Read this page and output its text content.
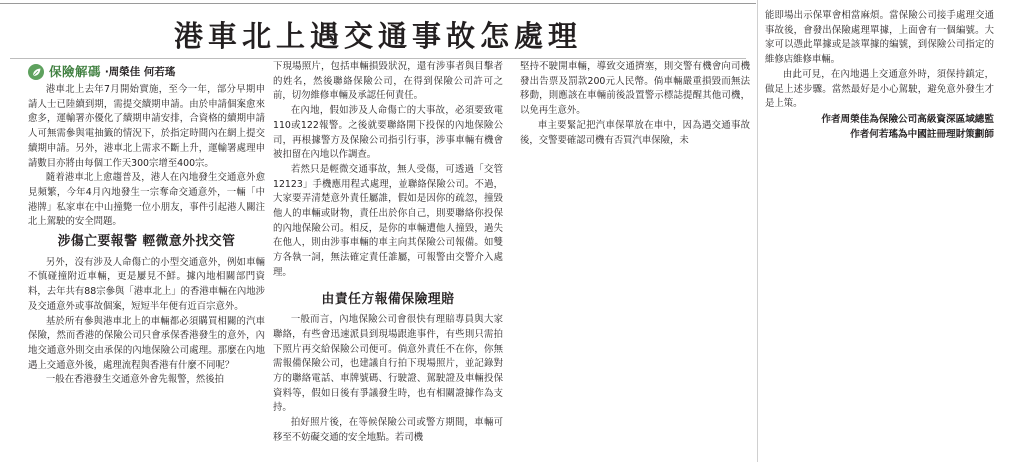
港車北上遇交通事故怎處理
保險解碼 ‧周榮佳 何若瑤

港車北上去年7月開始實施，至今一年，部分早期申請人士已陸續到期，需提交續期申請。由於申請個案愈來愈多，運輸署亦優化了續期申請安排，合資格的續期申請人可無需參與電抽籤的情況下，於指定時間內在網上提交續期申請。另外，港車北上需求不斷上升，運輸署處理申請數目亦將由每個工作天300宗增至400宗。

隨着港車北上愈趨普及，港人在內地發生交通意外愈見頻繁，今年4月內地發生一宗奪命交通意外，一輛「中港牌」私家車在中山撞斃一位小朋友，事件引起港人關注北上駕駛的安全問題。

涉傷亡要報警 輕微意外找交管

另外，沒有涉及人命傷亡的小型交通意外，例如車輛不慎碰撞附近車輛，更是屢見不鮮。據內地相關部門資料，去年共有88宗參與「港車北上」的香港車輛在內地涉及交通意外或事故個案，短短半年便有近百宗意外。

基於所有參與港車北上的車輛都必須購買相關的汽車保險，然而香港的保險公司只會承保香港發生的意外，內地交通意外則交由承保的內地保險公司處理。那麼在內地遇上交通意外後，處理流程與香港有什麼不同呢？

一般在香港發生交通意外會先報警，然後拍

下現場照片，包括車輛損毀狀況，還有涉事者與目擊者的姓名，然後聯絡保險公司，在得到保險公司許可之前，切勿維修車輛及承認任何責任。

在內地，假如涉及人命傷亡的大事故，必須要致電110或122報警。之後就要聯絡開下投保的內地保險公司，再根據警方及保險公司指引行事，涉事車輛有機會被扣留在內地以作調查。

若然只是輕微交通事故，無人受傷，可透過「交管12123」手機應用程式處理，並聯絡保險公司。不過，大家要弄清楚意外責任屬誰，假如是因你的疏忽，撞毀他人的車輛或財物，責任出於你自己，則要聯絡你投保的內地保險公司。相反，是你的車輛遭他人撞毀，過失在他人，則由涉事車輛的車主向其保險公司報備。如雙方各執一詞，無法確定責任誰屬，可報警由交警介入處理。

由責任方報備保險理賠

一般而言，內地保險公司會很快有理賠專員與大家聯絡，有些會迅速派員到現場跟進事件，有些則只需拍下照片再交給保險公司便可。倘意外責任不在你，你無需報備保險公司，也建議自行拍下現場照片，並記錄對方的聯絡電話、車牌號碼、行駛證、駕駛證及車輛投保資料等，假如日後有爭議發生時，也有相關證據作為支持。

拍好照片後，在等候保險公司或警方期間，車輛可移至不妨礙交通的安全地點。若司機

堅持不駛開車輛，導致交通擠塞，則交警有機會向司機發出告票及罰款200元人民幣。倘車輛嚴重損毀而無法移動，則應該在車輛前後設置警示標誌提醒其他司機，以免再生意外。

車主要緊記把汽車保單放在車中，因為遇交通事故後，交警要確認司機有否買汽車保險，未

能即場出示保單會相當麻煩。當保險公司接手處理交通事故後，會發出保險處理單據，上面會有一個編號。大家可以憑此單據或是該單據的編號，到保險公司指定的維修店維修車輛。

由此可見，在內地遇上交通意外時，須保持鎮定，做足上述步驟。當然最好是小心駕駛，避免意外發生才是上策。

作者周榮佳為保險公司高級資深區域總監
作者何若瑤為中國註冊理財策劃師
